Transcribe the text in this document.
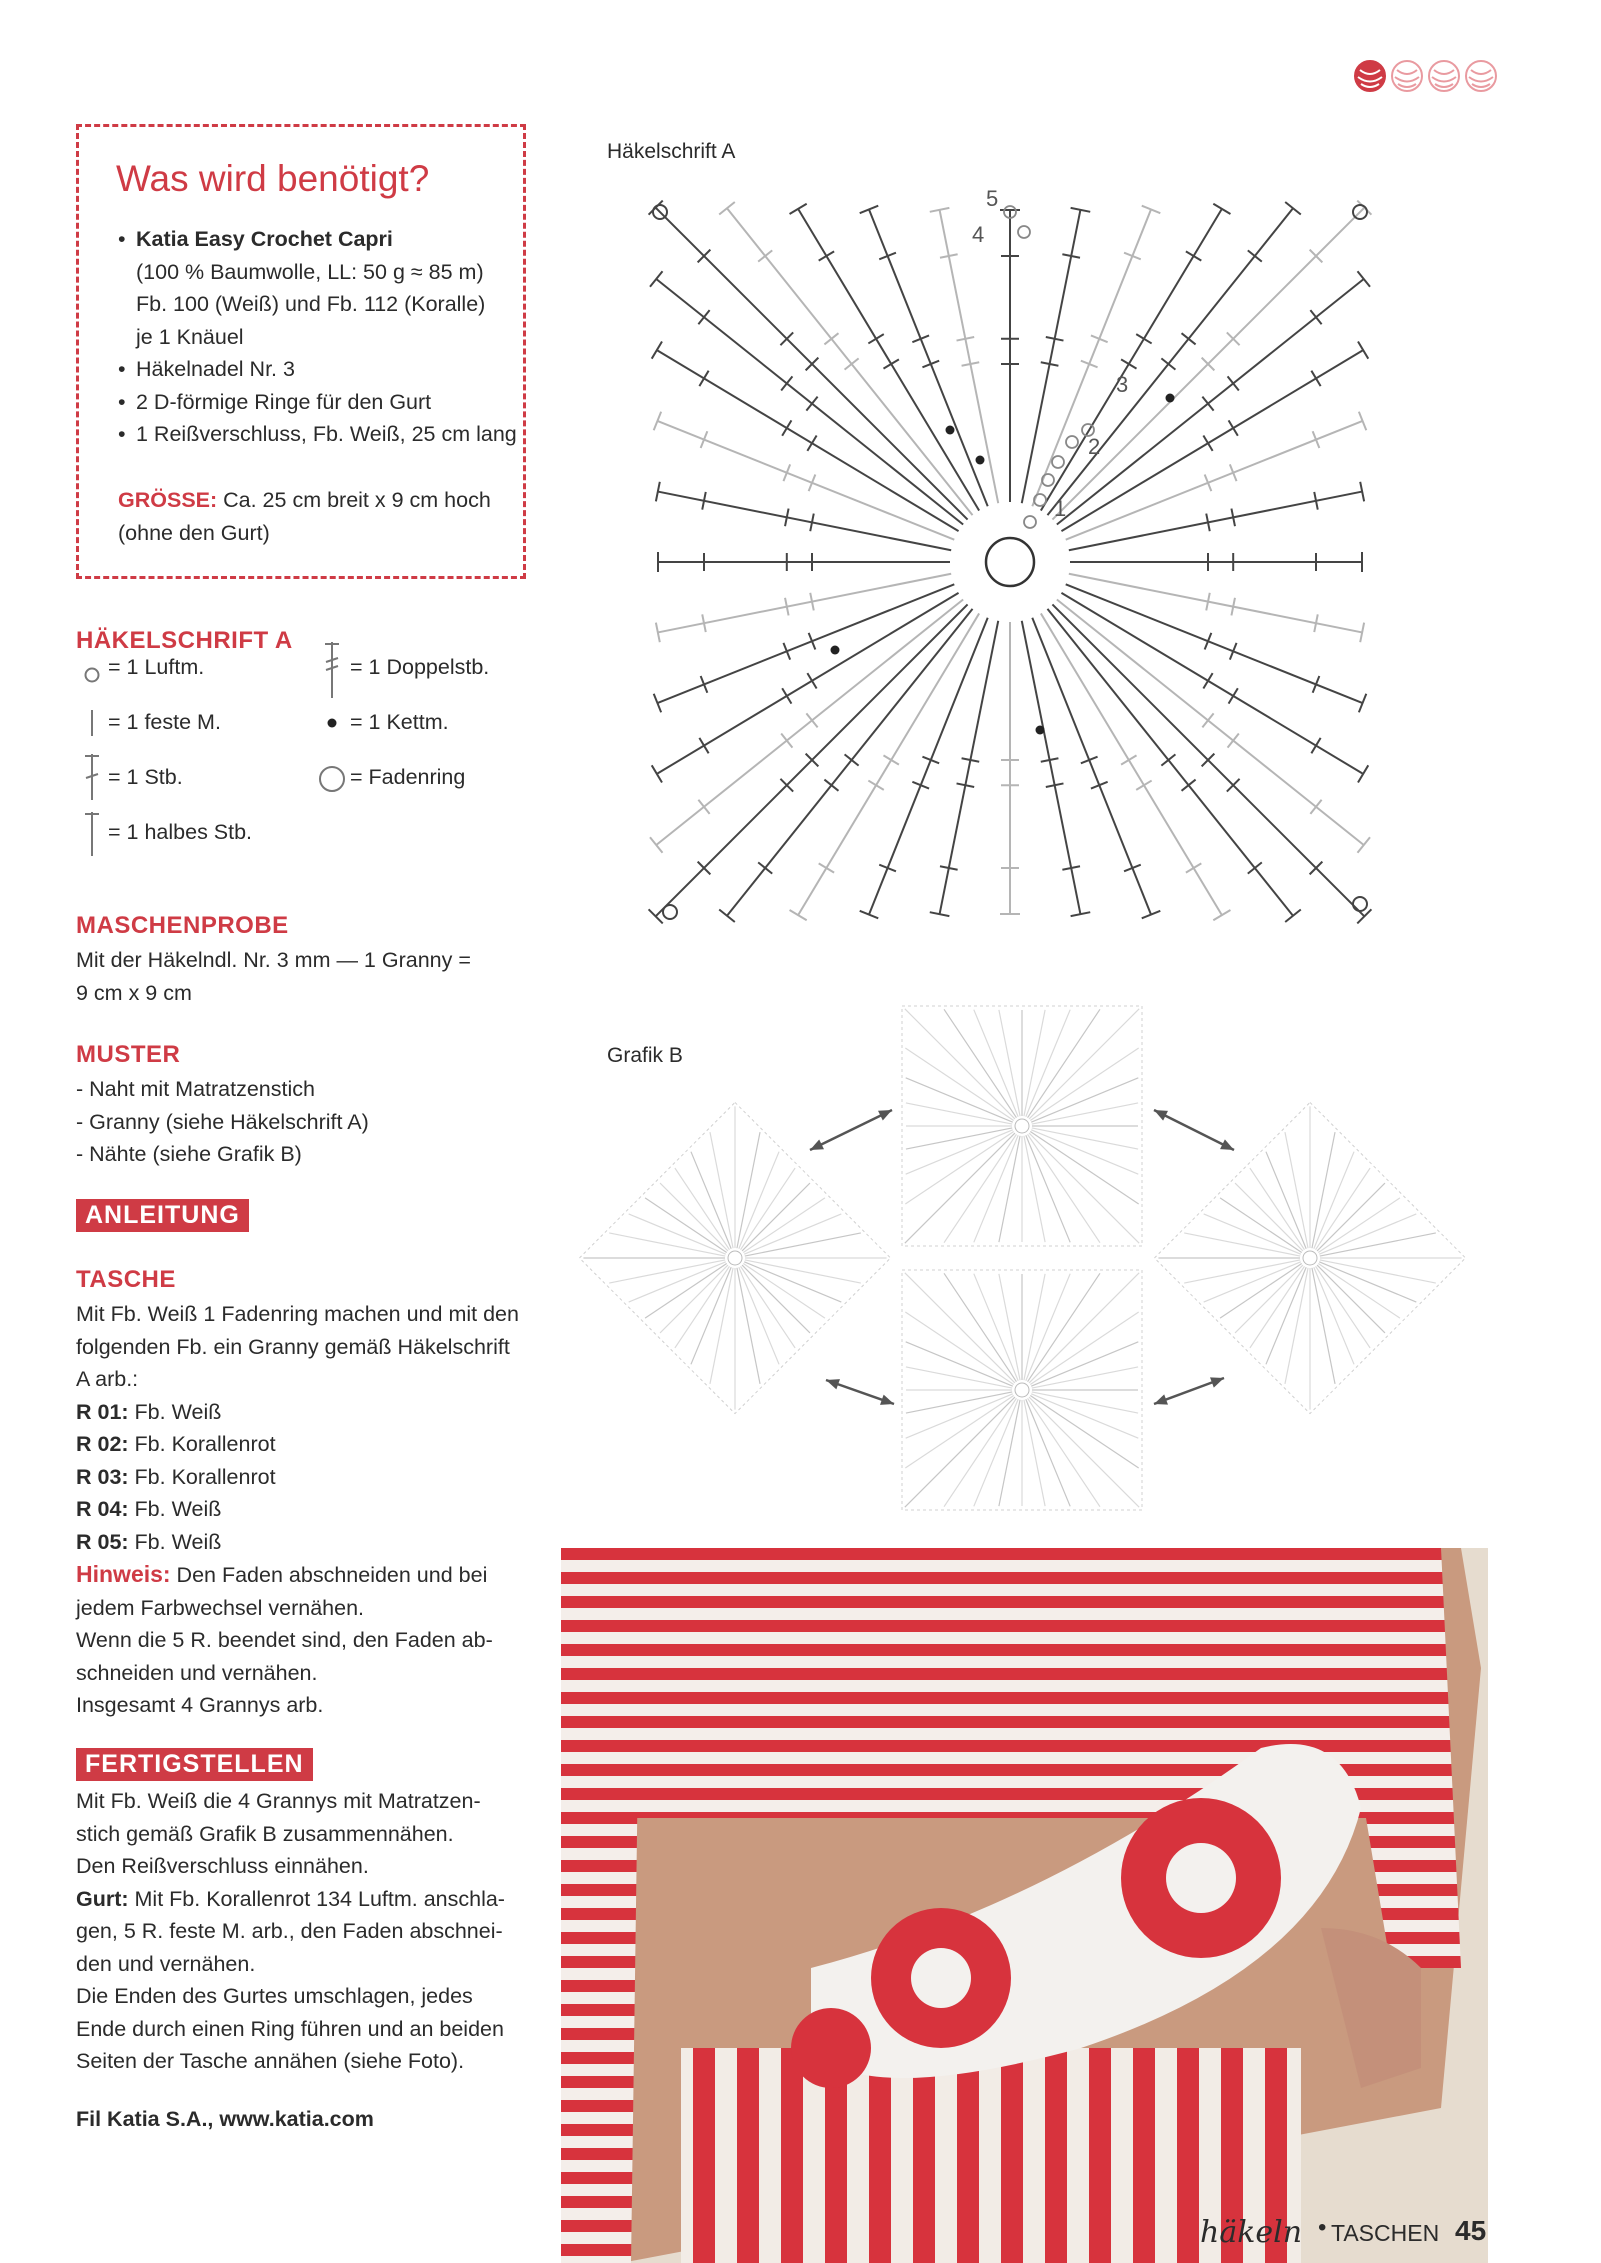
Was wird benötigt?
• Katia Easy Crochet Capri
(100 % Baumwolle, LL: 50 g ≈ 85 m)
Fb. 100 (Weiß) und Fb. 112 (Koralle)
je 1 Knäuel
• Häkelnadel Nr. 3
• 2 D-förmige Ringe für den Gurt
• 1 Reißverschluss, Fb. Weiß, 25 cm lang
GRÖSSE: Ca. 25 cm breit x 9 cm hoch (ohne den Gurt)
HÄKELSCHRIFT A
= 1 Luftm.	= 1 Doppelstb.
= 1 feste M.	= 1 Kettm.
= 1 Stb.	= Fadenring
= 1 halbes Stb.
MASCHENPROBE
Mit der Häkelndl. Nr. 3 mm — 1 Granny =
9 cm x 9 cm
MUSTER
- Naht mit Matratzenstich
- Granny (siehe Häkelschrift A)
- Nähte (siehe Grafik B)
ANLEITUNG
TASCHE
Mit Fb. Weiß 1 Fadenring machen und mit den
folgenden Fb. ein Granny gemäß Häkelschrift
A arb.:
R 01: Fb. Weiß
R 02: Fb. Korallenrot
R 03: Fb. Korallenrot
R 04: Fb. Weiß
R 05: Fb. Weiß
Hinweis: Den Faden abschneiden und bei
jedem Farbwechsel vernähen.
Wenn die 5 R. beendet sind, den Faden ab-
schneiden und vernähen.
Insgesamt 4 Grannys arb.
FERTIGSTELLEN
Mit Fb. Weiß die 4 Grannys mit Matratzen-
stich gemäß Grafik B zusammennähen.
Den Reißverschluss einnähen.
Gurt: Mit Fb. Korallenrot 134 Luftm. anschla-
gen, 5 R. feste M. arb., den Faden abschnei-
den und vernähen.
Die Enden des Gurtes umschlagen, jedes
Ende durch einen Ring führen und an beiden
Seiten der Tasche annähen (siehe Foto).
Fil Katia S.A., www.katia.com
Häkelschrift A
1
2
3
4
5
Grafik B
häkeln • TASCHEN 45
